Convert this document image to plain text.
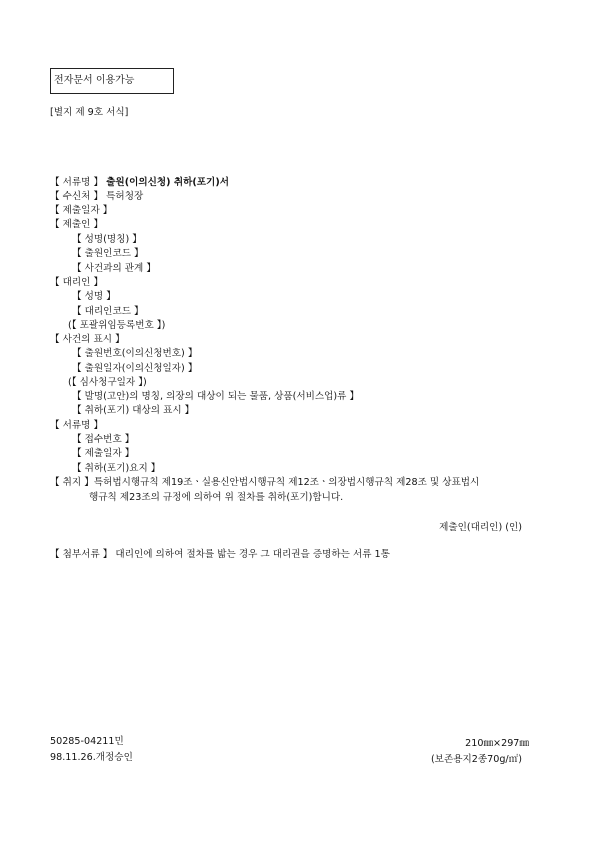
전자문서 이용가능
[별지 제 9호 서식]
【 서류명 】 출원(이의신청) 취하(포기)서
【 수신처 】 특허청장
【 제출일자 】
【 제출인 】
【 성명(명칭) 】
【 출원인코드 】
【 사건과의 관계 】
【 대리인 】
【 성명 】
【 대리인코드 】
(【 포괄위임등록번호 】)
【 사건의 표시 】
【 출원번호(이의신청번호) 】
【 출원일자(이의신청일자) 】
(【 심사청구일자 】)
【 발명(고안)의 명칭, 의장의 대상이 되는 물품, 상품(서비스업)류 】
【 취하(포기) 대상의 표시 】
【 서류명 】
【 접수번호 】
【 제출일자 】
【 취하(포기)요지 】
【 취지 】특허법시행규칙 제19조ㆍ실용신안법시행규칙 제12조ㆍ의장법시행규칙 제28조 및 상표법시
행규칙 제23조의 규정에 의하여 위 절차를 취하(포기)합니다.
제출인(대리인) (인)
【 첨부서류 】 대리인에 의하여 절차를 밟는 경우 그 대리권을 증명하는 서류 1통
50285-04211민
98.11.26.개정승인
210㎜×297㎜
(보존용지2종70g/㎡)
